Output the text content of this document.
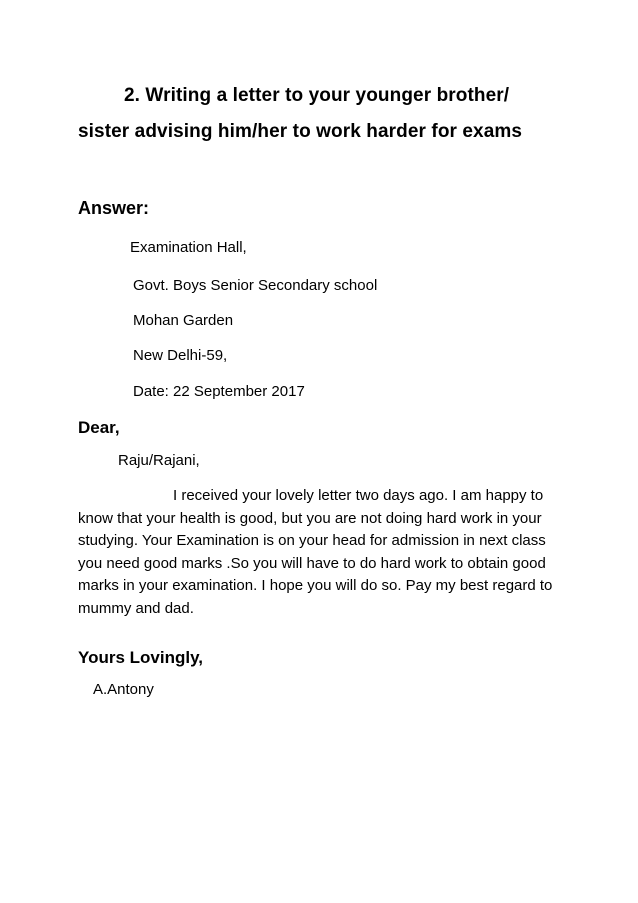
2. Writing a letter to your younger brother/
sister advising him/her to work harder for exams
Answer:
Examination Hall,
Govt. Boys Senior Secondary school
Mohan Garden
New Delhi-59,
Date: 22 September 2017
Dear,
Raju/Rajani,

I received your lovely letter two days ago. I am happy to know that your health is good, but you are not doing hard work in your studying. Your Examination is on your head for admission in next class you need good marks .So you will have to do hard work to obtain good marks in your examination. I hope you will do so. Pay my best regard to mummy and dad.

Yours Lovingly,
A.Antony
